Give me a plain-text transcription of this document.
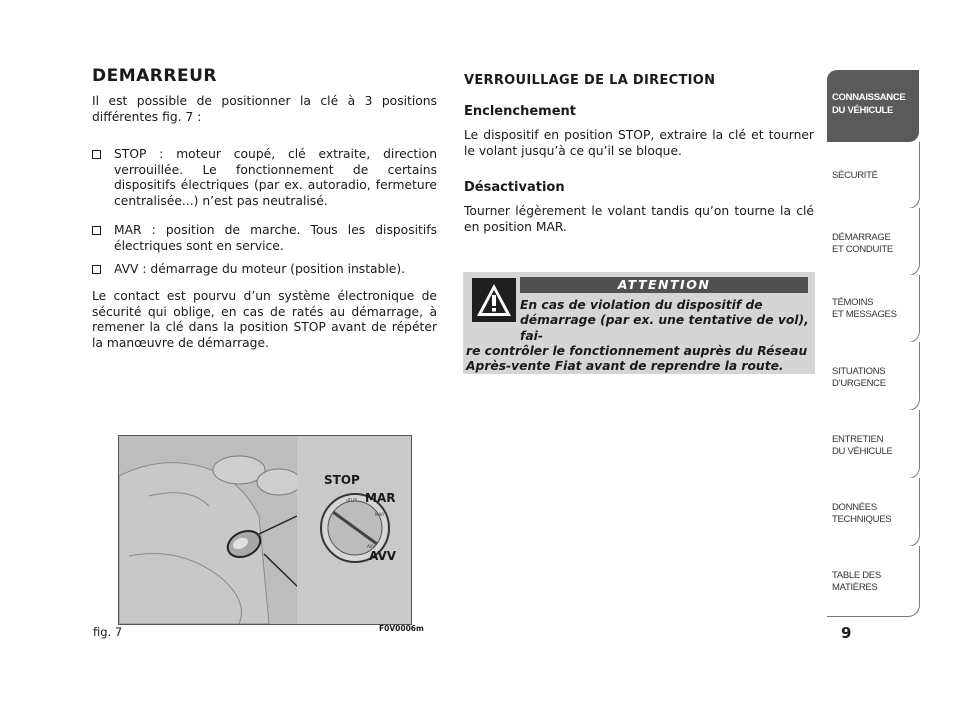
DEMARREUR
Il est possible de positionner la clé à 3 positions différentes fig. 7 :
STOP : moteur coupé, clé extraite, direction verrouillée. Le fonctionnement de certains dispositifs électriques (par ex. autoradio, fermeture centralisée...) n’est pas neutralisé.
MAR : position de marche. Tous les dispositifs électriques sont en service.
AVV : démarrage du moteur (position instable).
Le contact est pourvu d’un système électronique de sécurité qui oblige, en cas de ratés au démarrage, à remener la clé dans la position STOP avant de répéter la manœuvre de démarrage.
VERROUILLAGE DE LA DIRECTION
Enclenchement
Le dispositif en position STOP, extraire la clé et tourner le volant jusqu’à ce qu’il se bloque.
Désactivation
Tourner légèrement le volant tandis qu’on tourne la clé en position MAR.
ATTENTION
En cas de violation du dispositif de démarrage (par ex. une tentative de vol), fai-
re contrôler le fonctionnement auprès du Réseau Après-vente Fiat avant de reprendre la route.
STOP
MAR
AVV
STOP
MAR
AVV
fig. 7	F0V0006m
CONNAISSANCE
DU VÉHICULE
SÉCURITÉ
DÉMARRAGE
ET CONDUITE
TÉMOINS
ET MESSAGES
SITUATIONS
D’URGENCE
ENTRETIEN
DU VÉHICULE
DONNÉES
TECHNIQUES
TABLE DES
MATIÈRES
9
